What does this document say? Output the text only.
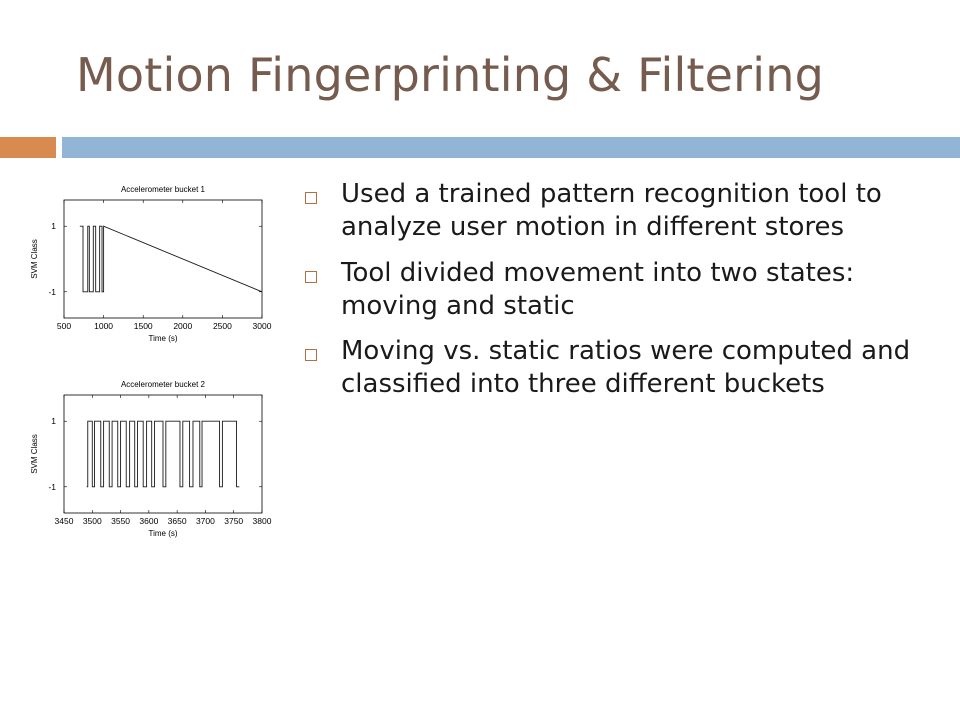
Motion Fingerprinting & Filtering
Accelerometer bucket 1
500	1000 1500 2000 2500 3000
1
-1
Time (s)
SVM Class
Accelerometer bucket 2
3450 3500 3550 3600 3650 3700 3750 3800
1
-1
Time (s)
SVM Class
Used a trained pattern recognition tool to analyze user motion in different stores
Tool divided movement into two states: moving and static
Moving vs. static ratios were computed and classified into three different buckets
